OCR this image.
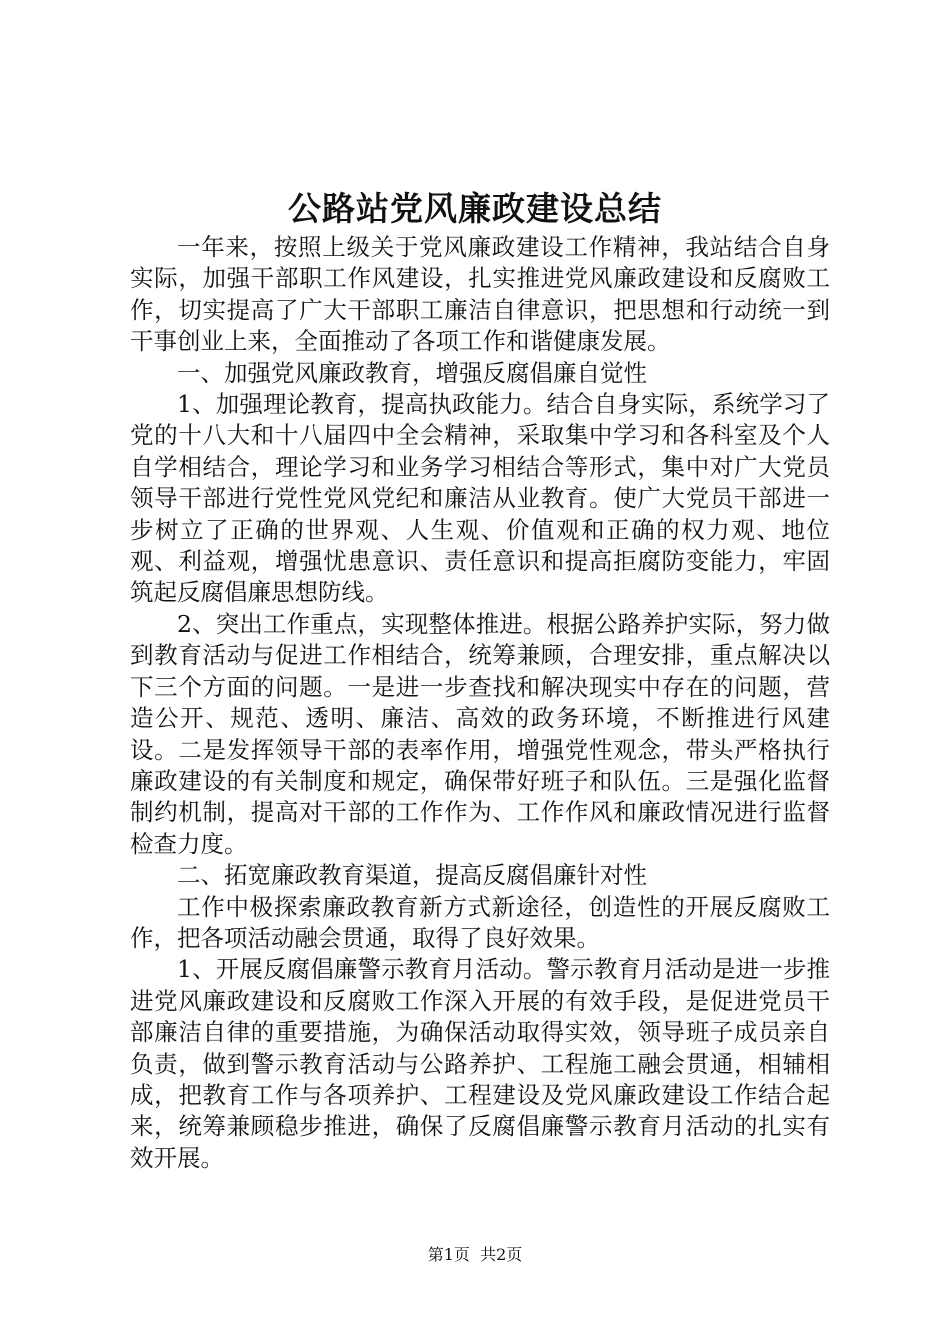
公路站党风廉政建设总结

一年来，按照上级关于党风廉政建设工作精神，我站结合自身实际，加强干部职工作风建设，扎实推进党风廉政建设和反腐败工作，切实提高了广大干部职工廉洁自律意识，把思想和行动统一到干事创业上来，全面推动了各项工作和谐健康发展。

一、加强党风廉政教育，增强反腐倡廉自觉性

1、加强理论教育，提高执政能力。结合自身实际，系统学习了党的十八大和十八届四中全会精神，采取集中学习和各科室及个人自学相结合，理论学习和业务学习相结合等形式，集中对广大党员领导干部进行党性党风党纪和廉洁从业教育。使广大党员干部进一步树立了正确的世界观、人生观、价值观和正确的权力观、地位观、利益观，增强忧患意识、责任意识和提高拒腐防变能力，牢固筑起反腐倡廉思想防线。

2、突出工作重点，实现整体推进。根据公路养护实际，努力做到教育活动与促进工作相结合，统筹兼顾，合理安排，重点解决以下三个方面的问题。一是进一步查找和解决现实中存在的问题，营造公开、规范、透明、廉洁、高效的政务环境，不断推进行风建设。二是发挥领导干部的表率作用，增强党性观念，带头严格执行廉政建设的有关制度和规定，确保带好班子和队伍。三是强化监督制约机制，提高对干部的工作作为、工作作风和廉政情况进行监督检查力度。

二、拓宽廉政教育渠道，提高反腐倡廉针对性

工作中极探索廉政教育新方式新途径，创造性的开展反腐败工作，把各项活动融会贯通，取得了良好效果。

1、开展反腐倡廉警示教育月活动。警示教育月活动是进一步推进党风廉政建设和反腐败工作深入开展的有效手段，是促进党员干部廉洁自律的重要措施，为确保活动取得实效，领导班子成员亲自负责，做到警示教育活动与公路养护、工程施工融会贯通，相辅相成，把教育工作与各项养护、工程建设及党风廉政建设工作结合起来，统筹兼顾稳步推进，确保了反腐倡廉警示教育月活动的扎实有效开展。

第1页  共2页
